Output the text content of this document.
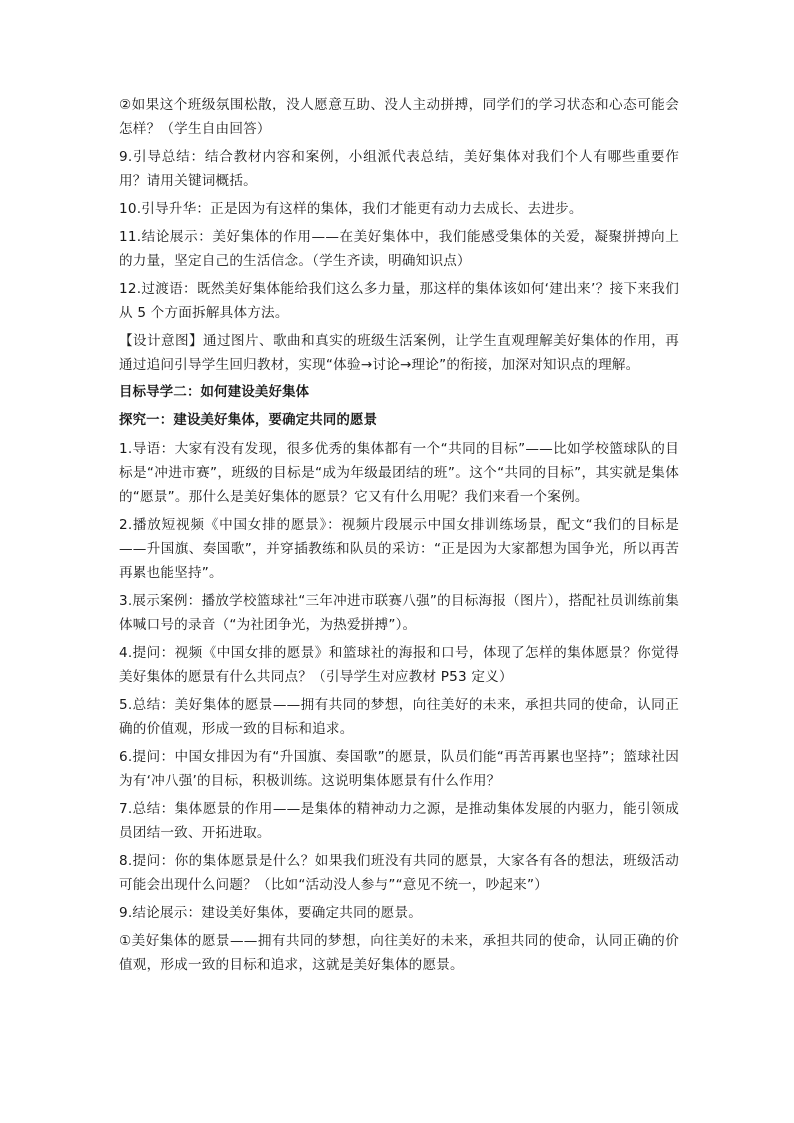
②如果这个班级氛围松散，没人愿意互助、没人主动拼搏，同学们的学习状态和心态可能会怎样？（学生自由回答）

9.引导总结：结合教材内容和案例，小组派代表总结，美好集体对我们个人有哪些重要作用？请用关键词概括。

10.引导升华：正是因为有这样的集体，我们才能更有动力去成长、去进步。

11.结论展示：美好集体的作用——在美好集体中，我们能感受集体的关爱，凝聚拼搏向上的力量，坚定自己的生活信念。（学生齐读，明确知识点）

12.过渡语：既然美好集体能给我们这么多力量，那这样的集体该如何‘建出来’？接下来我们从 5 个方面拆解具体方法。

【设计意图】通过图片、歌曲和真实的班级生活案例，让学生直观理解美好集体的作用，再通过追问引导学生回归教材，实现“体验→讨论→理论”的衔接，加深对知识点的理解。

目标导学二：如何建设美好集体

探究一：建设美好集体，要确定共同的愿景

1.导语：大家有没有发现，很多优秀的集体都有一个“共同的目标”——比如学校篮球队的目标是“冲进市赛”，班级的目标是“成为年级最团结的班”。这个“共同的目标”，其实就是集体的“愿景”。那什么是美好集体的愿景？它又有什么用呢？我们来看一个案例。

2.播放短视频《中国女排的愿景》：视频片段展示中国女排训练场景，配文“我们的目标是——升国旗、奏国歌”，并穿插教练和队员的采访：“正是因为大家都想为国争光，所以再苦再累也能坚持”。

3.展示案例：播放学校篮球社“三年冲进市联赛八强”的目标海报（图片），搭配社员训练前集体喊口号的录音（“为社团争光，为热爱拼搏”）。

4.提问：视频《中国女排的愿景》和篮球社的海报和口号，体现了怎样的集体愿景？你觉得美好集体的愿景有什么共同点？（引导学生对应教材 P53 定义）

5.总结：美好集体的愿景——拥有共同的梦想，向往美好的未来，承担共同的使命，认同正确的价值观，形成一致的目标和追求。

6.提问：中国女排因为有“升国旗、奏国歌”的愿景，队员们能“再苦再累也坚持”；篮球社因为有‘冲八强’的目标，积极训练。这说明集体愿景有什么作用？

7.总结：集体愿景的作用——是集体的精神动力之源，是推动集体发展的内驱力，能引领成员团结一致、开拓进取。

8.提问：你的集体愿景是什么？如果我们班没有共同的愿景，大家各有各的想法，班级活动可能会出现什么问题？（比如“活动没人参与”“意见不统一，吵起来”）

9.结论展示：建设美好集体，要确定共同的愿景。

①美好集体的愿景——拥有共同的梦想，向往美好的未来，承担共同的使命，认同正确的价值观，形成一致的目标和追求，这就是美好集体的愿景。
